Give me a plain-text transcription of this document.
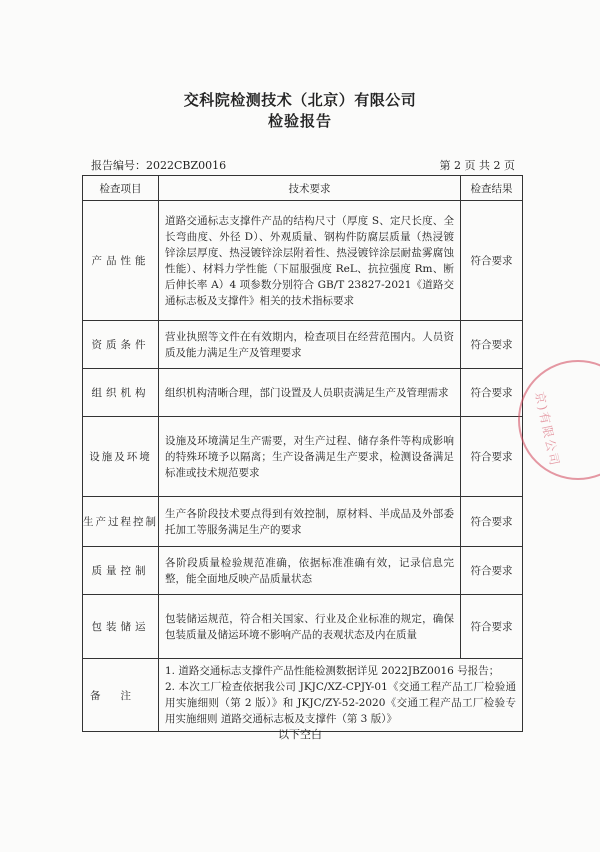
交科院检测技术（北京）有限公司
检验报告
报告编号：2022CBZ0016	第 2 页 共 2 页
检查项目	技术要求	检查结果
产品性能	道路交通标志支撑件产品的结构尺寸（厚度 S、定尺长度、全长弯曲度、外径 D）、外观质量、钢构件防腐层质量（热浸镀锌涂层厚度、热浸镀锌涂层附着性、热浸镀锌涂层耐盐雾腐蚀性能）、材料力学性能（下屈服强度 ReL、抗拉强度 Rm、断后伸长率 A）4 项参数分别符合 GB/T 23827-2021《道路交通标志板及支撑件》相关的技术指标要求	符合要求
资质条件	营业执照等文件在有效期内，检查项目在经营范围内。人员资质及能力满足生产及管理要求	符合要求
组织机构	组织机构清晰合理，部门设置及人员职责满足生产及管理需求	符合要求
设施及环境	设施及环境满足生产需要，对生产过程、储存条件等构成影响的特殊环境予以隔离；生产设备满足生产要求，检测设备满足标准或技术规范要求	符合要求
生产过程控制	生产各阶段技术要点得到有效控制，原材料、半成品及外部委托加工等服务满足生产的要求	符合要求
质量控制	各阶段质量检验规范准确，依据标准准确有效，记录信息完整，能全面地反映产品质量状态	符合要求
包装储运	包装储运规范，符合相关国家、行业及企业标准的规定，确保包装质量及储运环境不影响产品的表观状态及内在质量	符合要求
备注	1. 道路交通标志支撑件产品性能检测数据详见 2022JBZ0016 号报告；
2. 本次工厂检查依据我公司 JKJC/XZ-CPJY-01《交通工程产品工厂检验通用实施细则（第 2 版）》和 JKJC/ZY-52-2020《交通工程产品工厂检验专用实施细则 道路交通标志板及支撑件（第 3 版）》	
以下空白
京)有限公司
